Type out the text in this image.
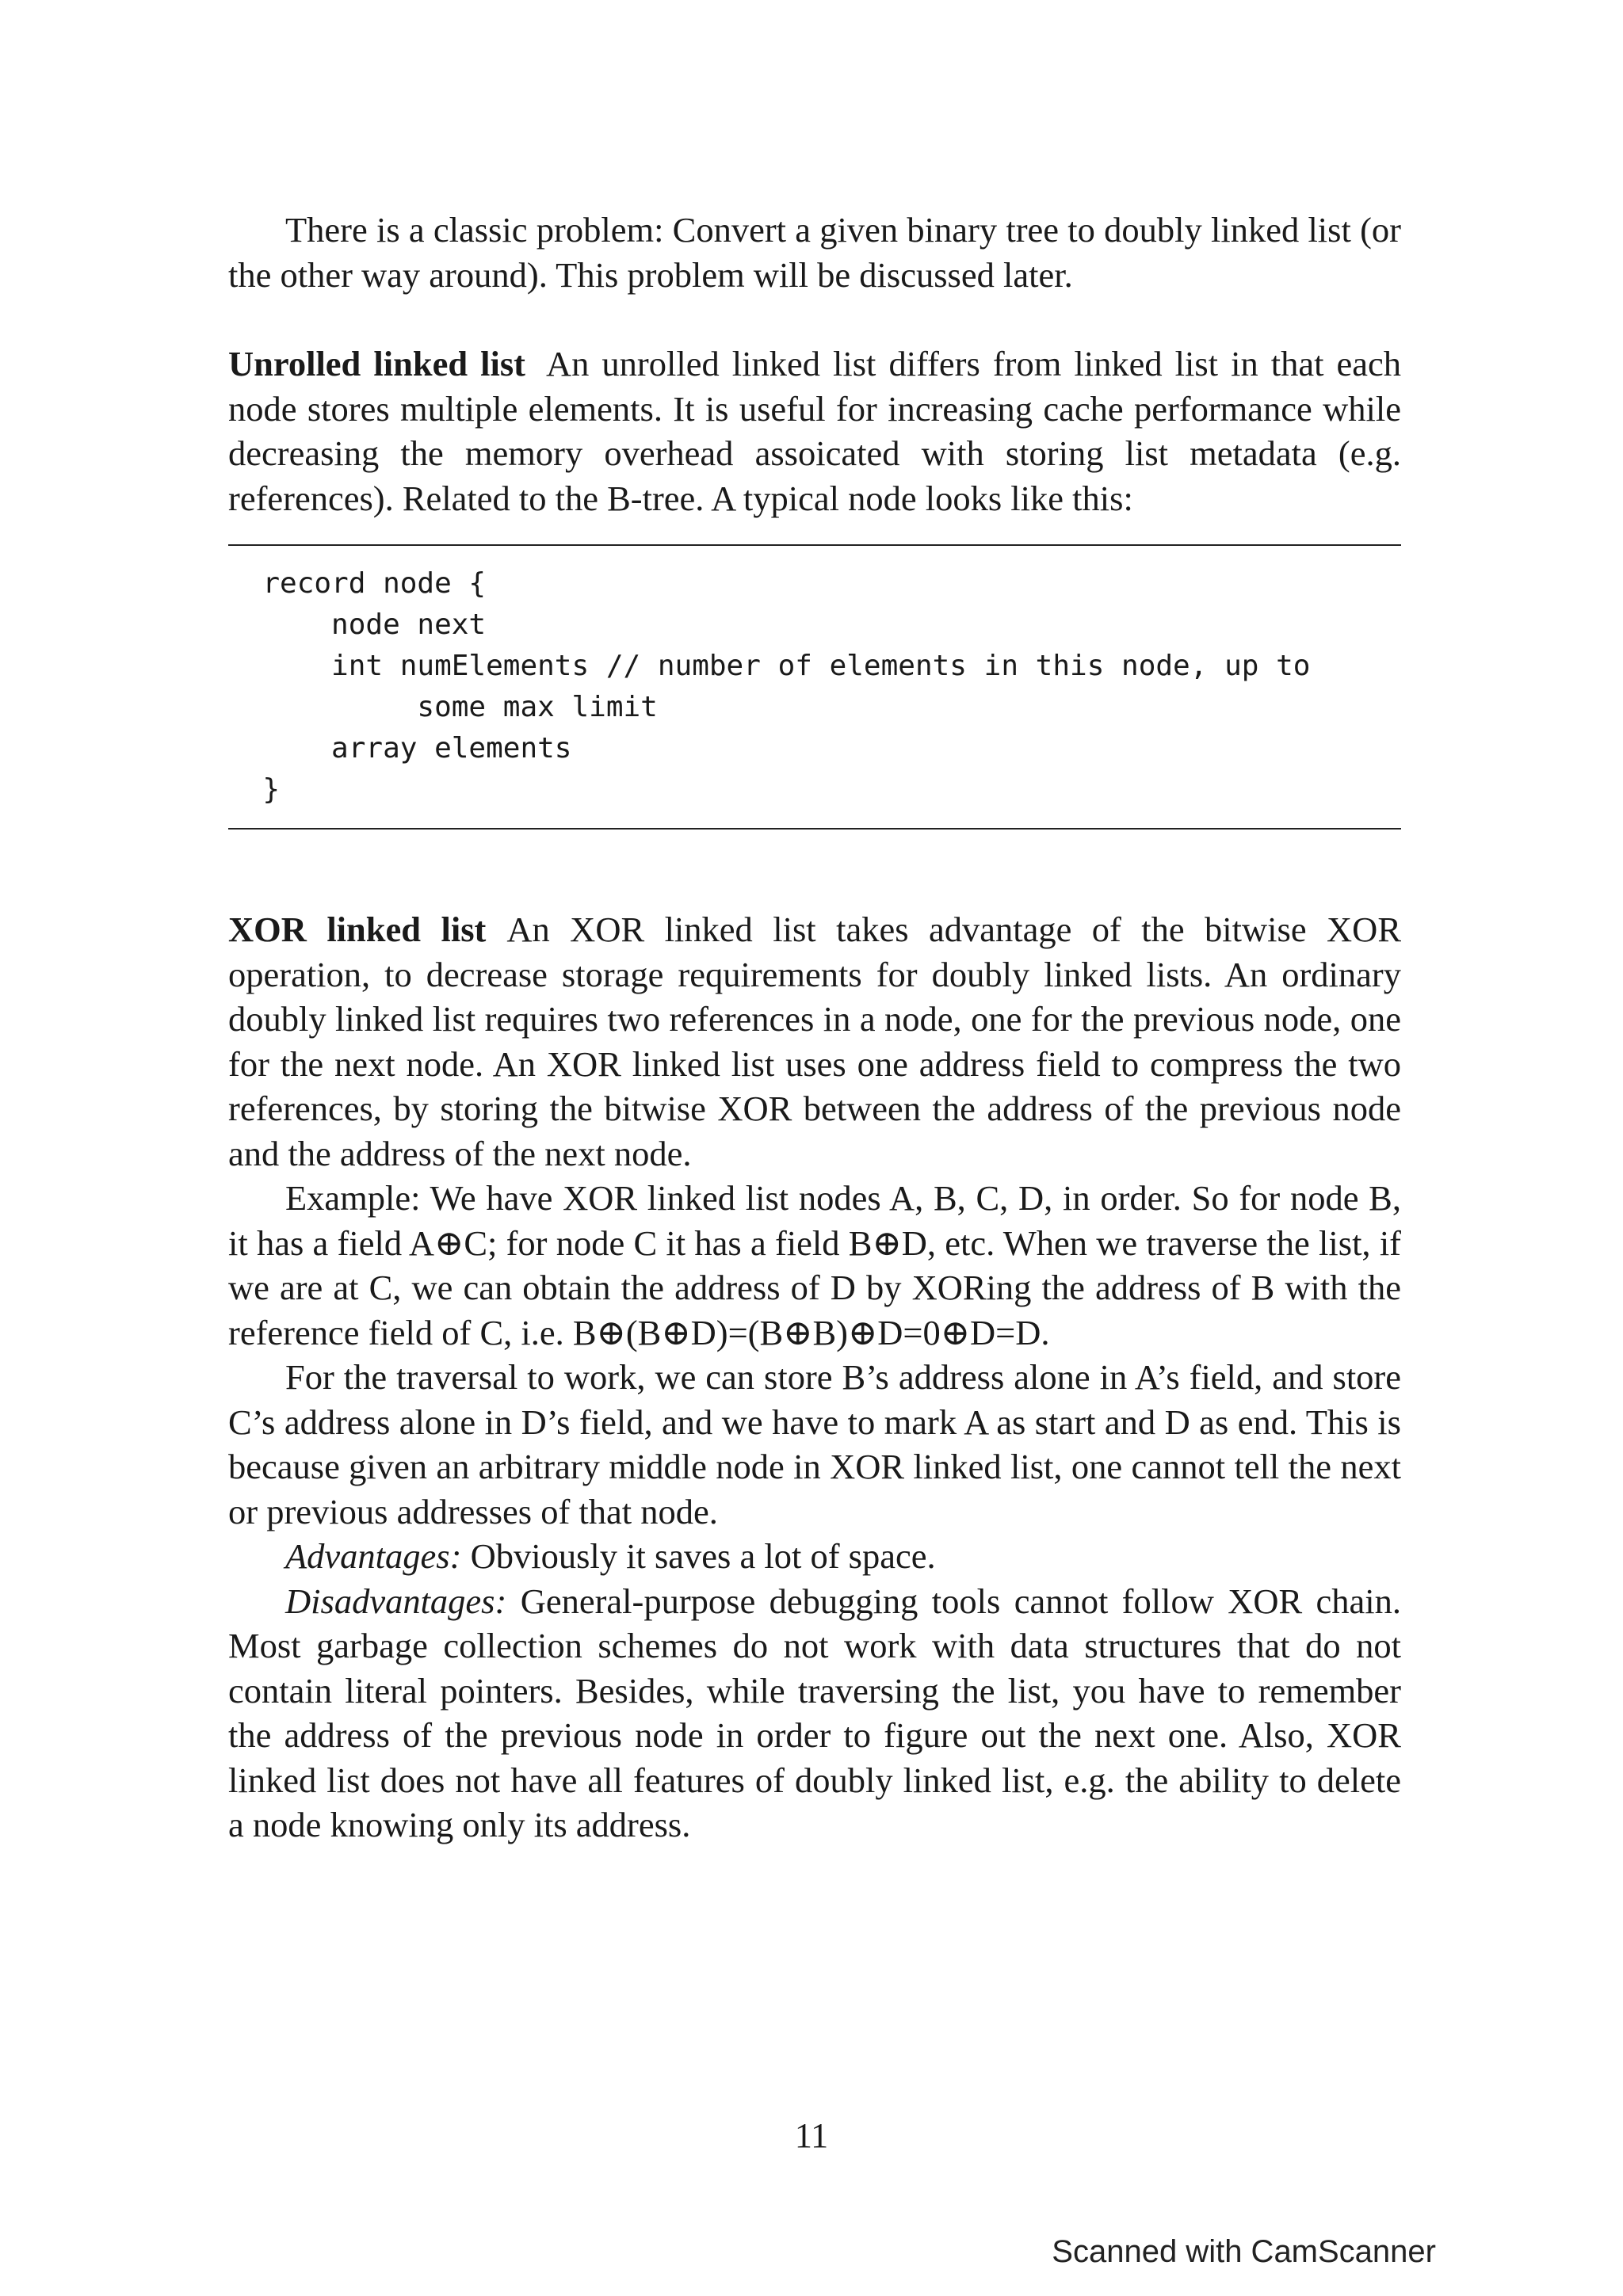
There is a classic problem: Convert a given binary tree to doubly linked list (or the other way around). This problem will be discussed later.

Unrolled linked list An unrolled linked list differs from linked list in that each node stores multiple elements. It is useful for increasing cache performance while decreasing the memory overhead assoicated with storing list metadata (e.g. references). Related to the B-tree. A typical node looks like this:

record node {
node next
int numElements // number of elements in this node, up to
some max limit
array elements
}

XOR linked list An XOR linked list takes advantage of the bitwise XOR operation, to decrease storage requirements for doubly linked lists. An ordinary doubly linked list requires two references in a node, one for the previous node, one for the next node. An XOR linked list uses one address field to compress the two references, by storing the bitwise XOR between the address of the previous node and the address of the next node.

Example: We have XOR linked list nodes A, B, C, D, in order. So for node B, it has a field A⊕C; for node C it has a field B⊕D, etc. When we traverse the list, if we are at C, we can obtain the address of D by XORing the address of B with the reference field of C, i.e. B⊕(B⊕D)=(B⊕B)⊕D=0⊕D=D.

For the traversal to work, we can store B’s address alone in A’s field, and store C’s address alone in D’s field, and we have to mark A as start and D as end. This is because given an arbitrary middle node in XOR linked list, one cannot tell the next or previous addresses of that node.

Advantages: Obviously it saves a lot of space.

Disadvantages: General-purpose debugging tools cannot follow XOR chain. Most garbage collection schemes do not work with data structures that do not contain literal pointers. Besides, while traversing the list, you have to remember the address of the previous node in order to figure out the next one. Also, XOR linked list does not have all features of doubly linked list, e.g. the ability to delete a node knowing only its address.

11
Scanned with CamScanner
